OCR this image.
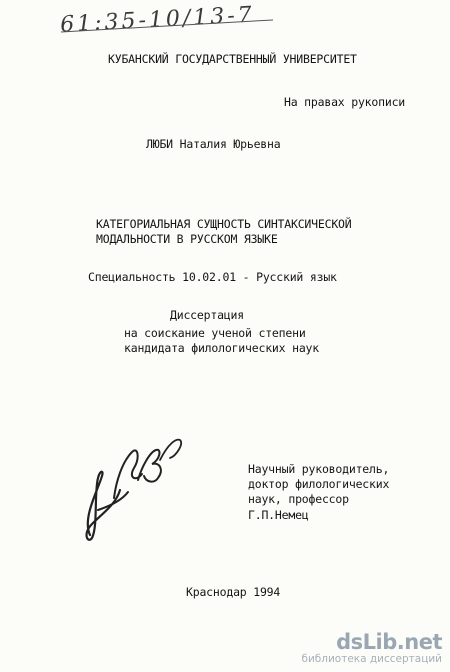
61:35-10/13-7
КУБАНСКИЙ ГОСУДАРСТВЕННЫЙ УНИВЕРСИТЕТ
На правах рукописи
ЛЮБИ Наталия Юрьевна
КАТЕГОРИАЛЬНАЯ СУЩНОСТЬ СИНТАКСИЧЕСКОЙ
МОДАЛЬНОСТИ В РУССКОМ ЯЗЫКЕ
Специальность 10.02.01 - Русский язык
Диссертация
на соискание ученой степени
кандидата филологических наук
Любо
Научный руководитель,
доктор филологических
наук, профессор
Г.П.Немец
Краснодар 1994
dsLib.net
библиотека диссертаций
